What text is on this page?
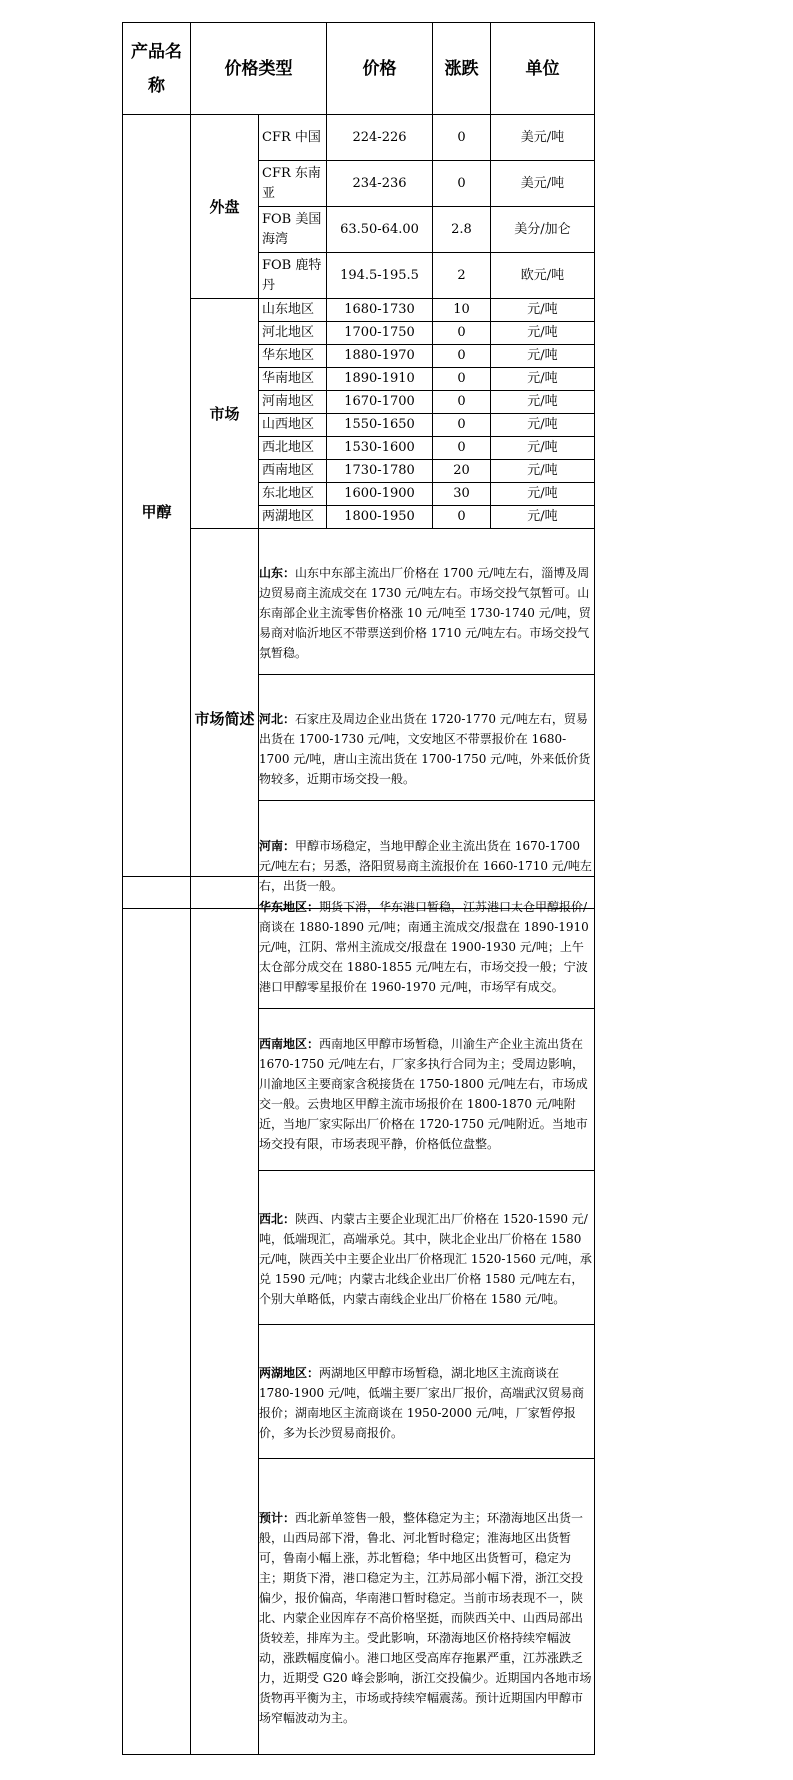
产品名称	价格类型		价格	涨跌	单位
甲醇	外盘	CFR 中国	224-226	0	美元/吨
		CFR 东南亚	234-236	0	美元/吨
		FOB 美国海湾	63.50-64.00	2.8	美分/加仑
		FOB 鹿特丹	194.5-195.5	2	欧元/吨
	市场	山东地区	1680-1730	10	元/吨
		河北地区	1700-1750	0	元/吨
		华东地区	1880-1970	0	元/吨
		华南地区	1890-1910	0	元/吨
		河南地区	1670-1700	0	元/吨
		山西地区	1550-1650	0	元/吨
		西北地区	1530-1600	0	元/吨
		西南地区	1730-1780	20	元/吨
		东北地区	1600-1900	30	元/吨
		两湖地区	1800-1950	0	元/吨
	市场简述	山东：山东中东部主流出厂价格在 1700 元/吨左右，淄博及周边贸易商主流成交在 1730 元/吨左右。市场交投气氛暂可。山东南部企业主流零售价格涨 10 元/吨至 1730-1740 元/吨，贸易商对临沂地区不带票送到价格 1710 元/吨左右。市场交投气氛暂稳。			

		河北：石家庄及周边企业出货在 1720-1770 元/吨左右，贸易出货在 1700-1730 元/吨，文安地区不带票报价在 1680-1700 元/吨，唐山主流出货在 1700-1750 元/吨，外来低价货物较多，近期市场交投一般。			

		河南：甲醇市场稳定，当地甲醇企业主流出货在 1670-1700 元/吨左右；另悉，洛阳贸易商主流报价在 1660-1710 元/吨左右，出货一般。			

华东地区：期货下滑，华东港口暂稳，江苏港口太仓甲醇报价/商谈在 1880-1890 元/吨；南通主流成交/报盘在 1890-1910 元/吨，江阴、常州主流成交/报盘在 1900-1930 元/吨；上午太仓部分成交在 1880-1855 元/吨左右，市场交投一般；宁波港口甲醇零星报价在 1960-1970 元/吨，市场罕有成交。

西南地区：西南地区甲醇市场暂稳，川渝生产企业主流出货在 1670-1750 元/吨左右，厂家多执行合同为主；受周边影响，川渝地区主要商家含税接货在 1750-1800 元/吨左右，市场成交一般。云贵地区甲醇主流市场报价在 1800-1870 元/吨附近，当地厂家实际出厂价格在 1720-1750 元/吨附近。当地市场交投有限，市场表现平静，价格低位盘整。

西北：陕西、内蒙古主要企业现汇出厂价格在 1520-1590 元/吨，低端现汇，高端承兑。其中，陕北企业出厂价格在 1580 元/吨，陕西关中主要企业出厂价格现汇 1520-1560 元/吨，承兑 1590 元/吨；内蒙古北线企业出厂价格 1580 元/吨左右，个别大单略低，内蒙古南线企业出厂价格在 1580 元/吨。

两湖地区：两湖地区甲醇市场暂稳，湖北地区主流商谈在 1780-1900 元/吨，低端主要厂家出厂报价，高端武汉贸易商报价；湖南地区主流商谈在 1950-2000 元/吨，厂家暂停报价，多为长沙贸易商报价。

预计：西北新单签售一般，整体稳定为主；环渤海地区出货一般，山西局部下滑，鲁北、河北暂时稳定；淮海地区出货暂可，鲁南小幅上涨，苏北暂稳；华中地区出货暂可，稳定为主；期货下滑，港口稳定为主，江苏局部小幅下滑，浙江交投偏少，报价偏高，华南港口暂时稳定。当前市场表现不一，陕北、内蒙企业因库存不高价格坚挺，而陕西关中、山西局部出货较差，排库为主。受此影响，环渤海地区价格持续窄幅波动，涨跌幅度偏小。港口地区受高库存拖累严重，江苏涨跌乏力，近期受 G20 峰会影响，浙江交投偏少。近期国内各地市场货物再平衡为主，市场或持续窄幅震荡。预计近期国内甲醇市场窄幅波动为主。
